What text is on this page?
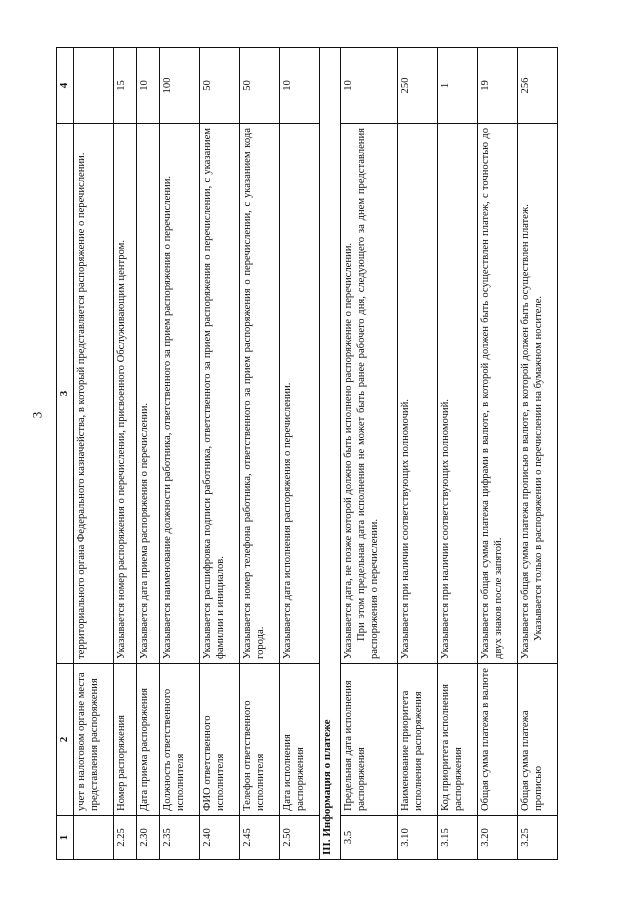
3
1	2	3	4
	учет в налоговом органе места представления распоряжения	территориального органа Федерального казначейства, в который представляется распоряжение о перечислении.	

2.25	Номер распоряжения	Указывается номер распоряжения о перечислении, присвоенного Обслуживающим центром.	15
2.30	Дата приема распоряжения	Указывается дата приема распоряжения о перечислении.	10
2.35	Должность ответственного исполнителя	Указывается наименование должности работника, ответственного за прием распоряжения о перечислении.	100
2.40	ФИО ответственного исполнителя	Указывается расшифровка подписи работника, ответственного за прием распоряжения о перечислении, с указанием фамилии и инициалов.	50
2.45	Телефон ответственного исполнителя	Указывается номер телефона работника, ответственного за прием распоряжения о перечислении, с указанием кода города.	50
2.50	Дата исполнения распоряжения	Указывается дата исполнения распоряжения о перечислении.	10
III. Информация о платеже			
3.5	Предельная дата исполнения распоряжения	Указывается дата, не позже которой должно быть исполнено распоряжение о перечислении. При этом предельная дата исполнения не может быть ранее рабочего дня, следующего за днем представления распоряжения о перечислении.	10
3.10	Наименование приоритета исполнения распоряжения	Указывается при наличии соответствующих полномочий.	250
3.15	Код приоритета исполнения распоряжения	Указывается при наличии соответствующих полномочий.	1
3.20	Общая сумма платежа в валюте	Указывается общая сумма платежа цифрами в валюте, в которой должен быть осуществлен платеж, с точностью до двух знаков после запятой.	19
3.25	Общая сумма платежа прописью	Указывается общая сумма платежа прописью в валюте, в которой должен быть осуществлен платеж. Указывается только в распоряжении о перечислении на бумажном носителе.	256
